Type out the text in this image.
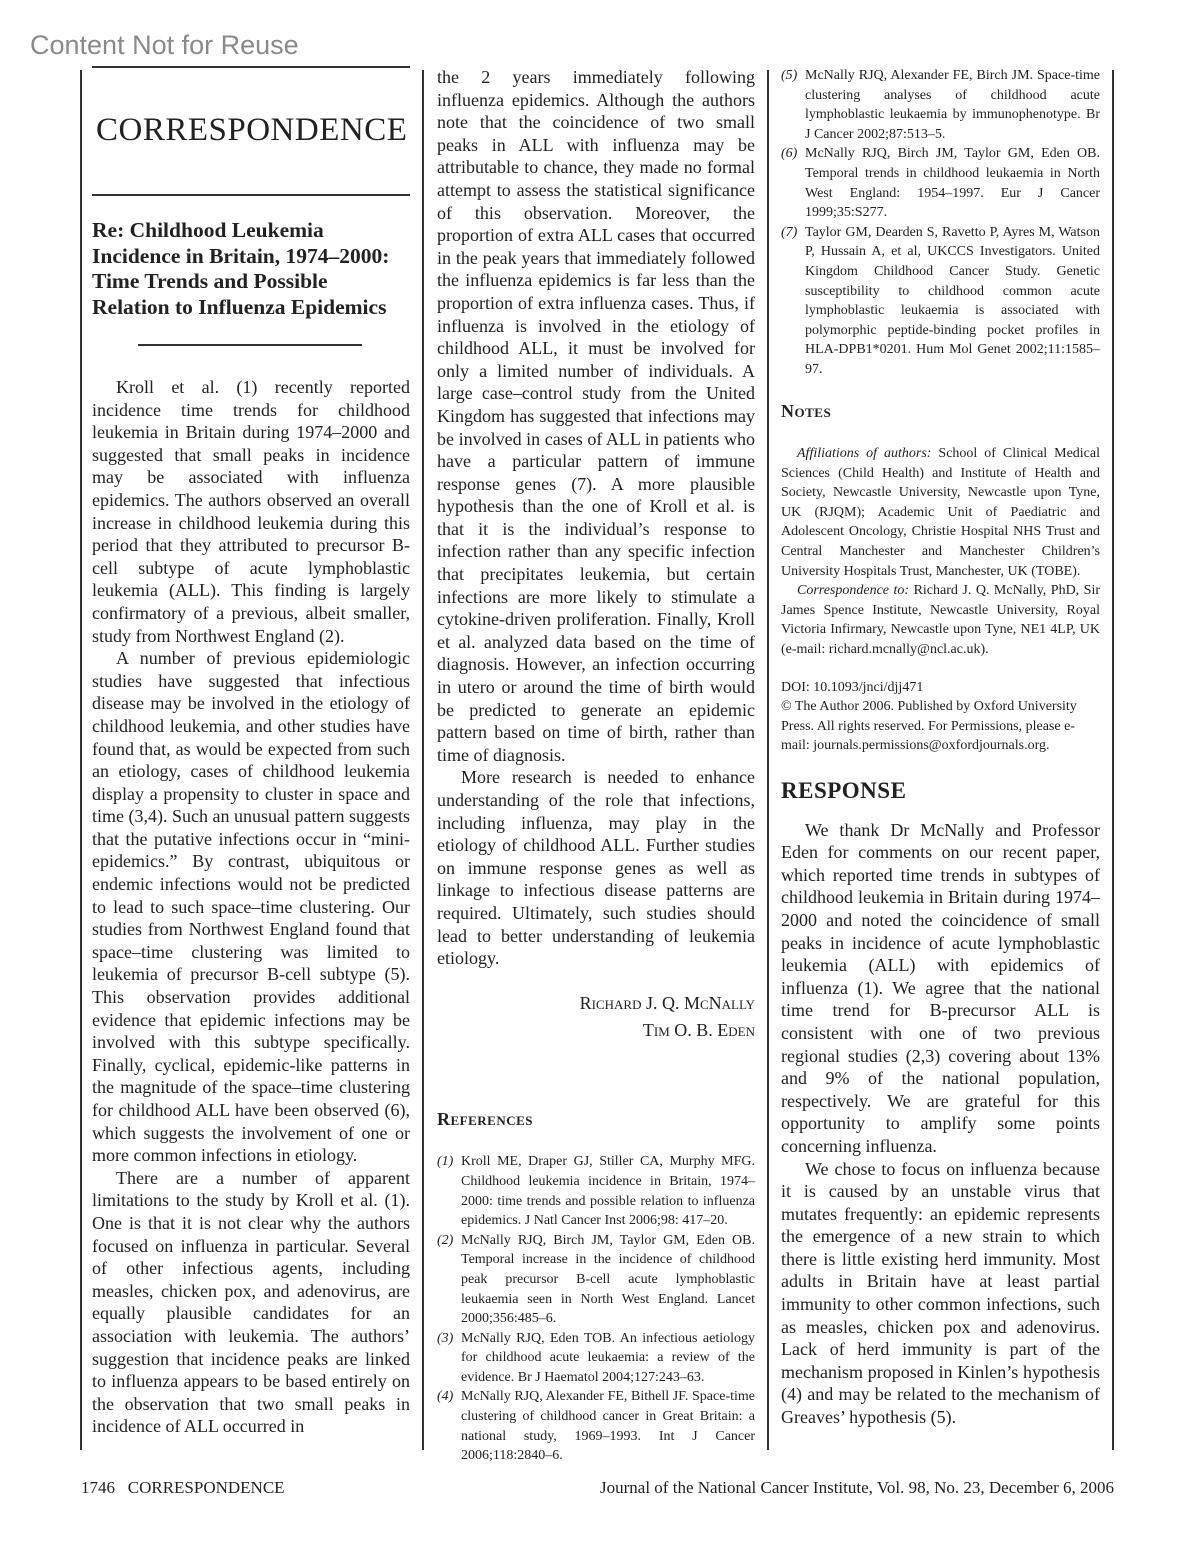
Content Not for Reuse
CORRESPONDENCE
Re: Childhood Leukemia Incidence in Britain, 1974–2000: Time Trends and Possible Relation to Influenza Epidemics

Kroll et al. (1) recently reported incidence time trends for childhood leukemia in Britain during 1974–2000 and suggested that small peaks in incidence may be associated with influenza epidemics. The authors observed an overall increase in childhood leukemia during this period that they attributed to precursor B-cell subtype of acute lymphoblastic leukemia (ALL). This finding is largely confirmatory of a previous, albeit smaller, study from Northwest England (2).

A number of previous epidemiologic studies have suggested that infectious disease may be involved in the etiology of childhood leukemia, and other studies have found that, as would be expected from such an etiology, cases of childhood leukemia display a propensity to cluster in space and time (3,4). Such an unusual pattern suggests that the putative infections occur in “mini-epidemics.” By contrast, ubiquitous or endemic infections would not be predicted to lead to such space–time clustering. Our studies from Northwest England found that space–time clustering was limited to leukemia of precursor B-cell subtype (5). This observation provides additional evidence that epidemic infections may be involved with this subtype specifically. Finally, cyclical, epidemic-like patterns in the magnitude of the space–time clustering for childhood ALL have been observed (6), which suggests the involvement of one or more common infections in etiology.

There are a number of apparent limitations to the study by Kroll et al. (1). One is that it is not clear why the authors focused on influenza in particular. Several of other infectious agents, including measles, chicken pox, and adenovirus, are equally plausible candidates for an association with leukemia. The authors’ suggestion that incidence peaks are linked to influenza appears to be based entirely on the observation that two small peaks in incidence of ALL occurred in

the 2 years immediately following influenza epidemics. Although the authors note that the coincidence of two small peaks in ALL with influenza may be attributable to chance, they made no formal attempt to assess the statistical significance of this observation. Moreover, the proportion of extra ALL cases that occurred in the peak years that immediately followed the influenza epidemics is far less than the proportion of extra influenza cases. Thus, if influenza is involved in the etiology of childhood ALL, it must be involved for only a limited number of individuals. A large case–control study from the United Kingdom has suggested that infections may be involved in cases of ALL in patients who have a particular pattern of immune response genes (7). A more plausible hypothesis than the one of Kroll et al. is that it is the individual’s response to infection rather than any specific infection that precipitates leukemia, but certain infections are more likely to stimulate a cytokine-driven proliferation. Finally, Kroll et al. analyzed data based on the time of diagnosis. However, an infection occurring in utero or around the time of birth would be predicted to generate an epidemic pattern based on time of birth, rather than time of diagnosis.

More research is needed to enhance understanding of the role that infections, including influenza, may play in the etiology of childhood ALL. Further studies on immune response genes as well as linkage to infectious disease patterns are required. Ultimately, such studies should lead to better understanding of leukemia etiology.

Richard J. Q. McNally
Tim O. B. Eden
References
(1) Kroll ME, Draper GJ, Stiller CA, Murphy MFG. Childhood leukemia incidence in Britain, 1974–2000: time trends and possible relation to influenza epidemics. J Natl Cancer Inst 2006;98: 417–20.
(2) McNally RJQ, Birch JM, Taylor GM, Eden OB. Temporal increase in the incidence of childhood peak precursor B-cell acute lymphoblastic leukaemia seen in North West England. Lancet 2000;356:485–6.
(3) McNally RJQ, Eden TOB. An infectious aetiology for childhood acute leukaemia: a review of the evidence. Br J Haematol 2004;127:243–63.
(4) McNally RJQ, Alexander FE, Bithell JF. Space-time clustering of childhood cancer in Great Britain: a national study, 1969–1993. Int J Cancer 2006;118:2840–6.
(5) McNally RJQ, Alexander FE, Birch JM. Space-time clustering analyses of childhood acute lymphoblastic leukaemia by immunophenotype. Br J Cancer 2002;87:513–5.
(6) McNally RJQ, Birch JM, Taylor GM, Eden OB. Temporal trends in childhood leukaemia in North West England: 1954–1997. Eur J Cancer 1999;35:S277.
(7) Taylor GM, Dearden S, Ravetto P, Ayres M, Watson P, Hussain A, et al, UKCCS Investigators. United Kingdom Childhood Cancer Study. Genetic susceptibility to childhood common acute lymphoblastic leukaemia is associated with polymorphic peptide-binding pocket profiles in HLA-DPB1*0201. Hum Mol Genet 2002;11:1585–97.
Notes

Affiliations of authors: School of Clinical Medical Sciences (Child Health) and Institute of Health and Society, Newcastle University, Newcastle upon Tyne, UK (RJQM); Academic Unit of Paediatric and Adolescent Oncology, Christie Hospital NHS Trust and Central Manchester and Manchester Children’s University Hospitals Trust, Manchester, UK (TOBE).

Correspondence to: Richard J. Q. McNally, PhD, Sir James Spence Institute, Newcastle University, Royal Victoria Infirmary, Newcastle upon Tyne, NE1 4LP, UK (e-mail: richard.mcnally@ncl.ac.uk).

DOI: 10.1093/jnci/djj471

© The Author 2006. Published by Oxford University Press. All rights reserved. For Permissions, please e-mail: journals.permissions@oxfordjournals.org.

RESPONSE

We thank Dr McNally and Professor Eden for comments on our recent paper, which reported time trends in subtypes of childhood leukemia in Britain during 1974–2000 and noted the coincidence of small peaks in incidence of acute lymphoblastic leukemia (ALL) with epidemics of influenza (1). We agree that the national time trend for B-precursor ALL is consistent with one of two previous regional studies (2,3) covering about 13% and 9% of the national population, respectively. We are grateful for this opportunity to amplify some points concerning influenza.

We chose to focus on influenza because it is caused by an unstable virus that mutates frequently: an epidemic represents the emergence of a new strain to which there is little existing herd immunity. Most adults in Britain have at least partial immunity to other common infections, such as measles, chicken pox and adenovirus. Lack of herd immunity is part of the mechanism proposed in Kinlen’s hypothesis (4) and may be related to the mechanism of Greaves’ hypothesis (5).

1746   CORRESPONDENCE	Journal of the National Cancer Institute, Vol. 98, No. 23, December 6, 2006
